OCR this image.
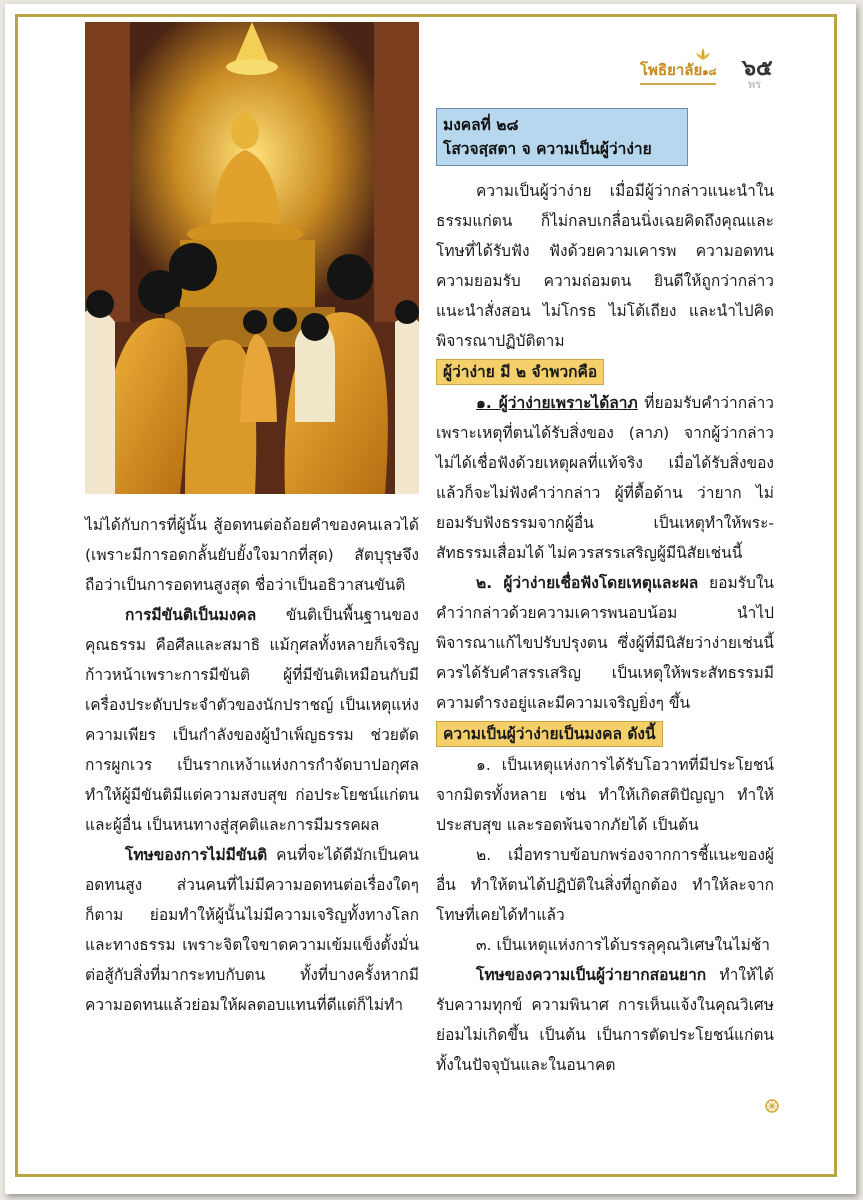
โพธิยาลัย๑๘ ๖๕
พร
มงคลที่ ๒๘
โสวจสฺสตา จ ความเป็นผู้ว่าง่าย

ความเป็นผู้ว่าง่าย เมื่อมีผู้ว่ากล่าวแนะนำในธรรมแก่ตน ก็ไม่กลบเกลื่อนนิ่งเฉยคิดถึงคุณและโทษที่ได้รับฟัง ฟังด้วยความเคารพ ความอดทน ความยอมรับ ความถ่อมตน ยินดีให้ถูกว่ากล่าวแนะนำสั่งสอน ไม่โกรธ ไม่โต้เถียง และนำไปคิดพิจารณาปฏิบัติตาม

ผู้ว่าง่าย มี ๒ จำพวกคือ

๑. ผู้ว่าง่ายเพราะได้ลาภ ที่ยอมรับคำว่ากล่าวเพราะเหตุที่ตนได้รับสิ่งของ (ลาภ) จากผู้ว่ากล่าว ไม่ได้เชื่อฟังด้วยเหตุผลที่แท้จริง เมื่อได้รับสิ่งของแล้วก็จะไม่ฟังคำว่ากล่าว ผู้ที่ดื้อด้าน ว่ายาก ไม่ยอมรับฟังธรรมจากผู้อื่น เป็นเหตุทำให้พระ-สัทธรรมเสื่อมได้ ไม่ควรสรรเสริญผู้มีนิสัยเช่นนี้

๒. ผู้ว่าง่ายเชื่อฟังโดยเหตุและผล ยอมรับในคำว่ากล่าวด้วยความเคารพนอบน้อม นำไปพิจารณาแก้ไขปรับปรุงตน ซึ่งผู้ที่มีนิสัยว่าง่ายเช่นนี้ควรได้รับคำสรรเสริญ เป็นเหตุให้พระสัทธรรมมีความดำรงอยู่และมีความเจริญยิ่งๆ ขึ้น

ความเป็นผู้ว่าง่ายเป็นมงคล ดังนี้

๑. เป็นเหตุแห่งการได้รับโอวาทที่มีประโยชน์จากมิตรทั้งหลาย เช่น ทำให้เกิดสติปัญญา ทำให้ประสบสุข และรอดพ้นจากภัยได้ เป็นต้น

๒. เมื่อทราบข้อบกพร่องจากการชี้แนะของผู้อื่น ทำให้ตนได้ปฏิบัติในสิ่งที่ถูกต้อง ทำให้ละจากโทษที่เคยได้ทำแล้ว

๓. เป็นเหตุแห่งการได้บรรลุคุณวิเศษในไม่ช้า

โทษของความเป็นผู้ว่ายากสอนยาก ทำให้ได้รับความทุกข์ ความพินาศ การเห็นแจ้งในคุณวิเศษย่อมไม่เกิดขึ้น เป็นต้น เป็นการตัดประโยชน์แก่ตน ทั้งในปัจจุบันและในอนาคต

ไม่ได้กับการที่ผู้นั้น สู้อดทนต่อถ้อยคำของคนเลวได้ (เพราะมีการอดกลั้นยับยั้งใจมากที่สุด) สัตบุรุษจึงถือว่าเป็นการอดทนสูงสุด ชื่อว่าเป็นอธิวาสนขันติ

การมีขันติเป็นมงคล ขันติเป็นพื้นฐานของคุณธรรม คือศีลและสมาธิ แม้กุศลทั้งหลายก็เจริญก้าวหน้าเพราะการมีขันติ ผู้ที่มีขันติเหมือนกับมีเครื่องประดับประจำตัวของนักปราชญ์ เป็นเหตุแห่งความเพียร เป็นกำลังของผู้บำเพ็ญธรรม ช่วยตัดการผูกเวร เป็นรากเหง้าแห่งการกำจัดบาปอกุศล ทำให้ผู้มีขันติมีแต่ความสงบสุข ก่อประโยชน์แก่ตนและผู้อื่น เป็นหนทางสู่สุคติและการมีมรรคผล

โทษของการไม่มีขันติ คนที่จะได้ดีมักเป็นคนอดทนสูง ส่วนคนที่ไม่มีความอดทนต่อเรื่องใดๆ ก็ตาม ย่อมทำให้ผู้นั้นไม่มีความเจริญทั้งทางโลกและทางธรรม เพราะจิตใจขาดความเข้มแข็งตั้งมั่นต่อสู้กับสิ่งที่มากระทบกับตน ทั้งที่บางครั้งหากมีความอดทนแล้วย่อมให้ผลตอบแทนที่ดีแต่ก็ไม่ทำ
